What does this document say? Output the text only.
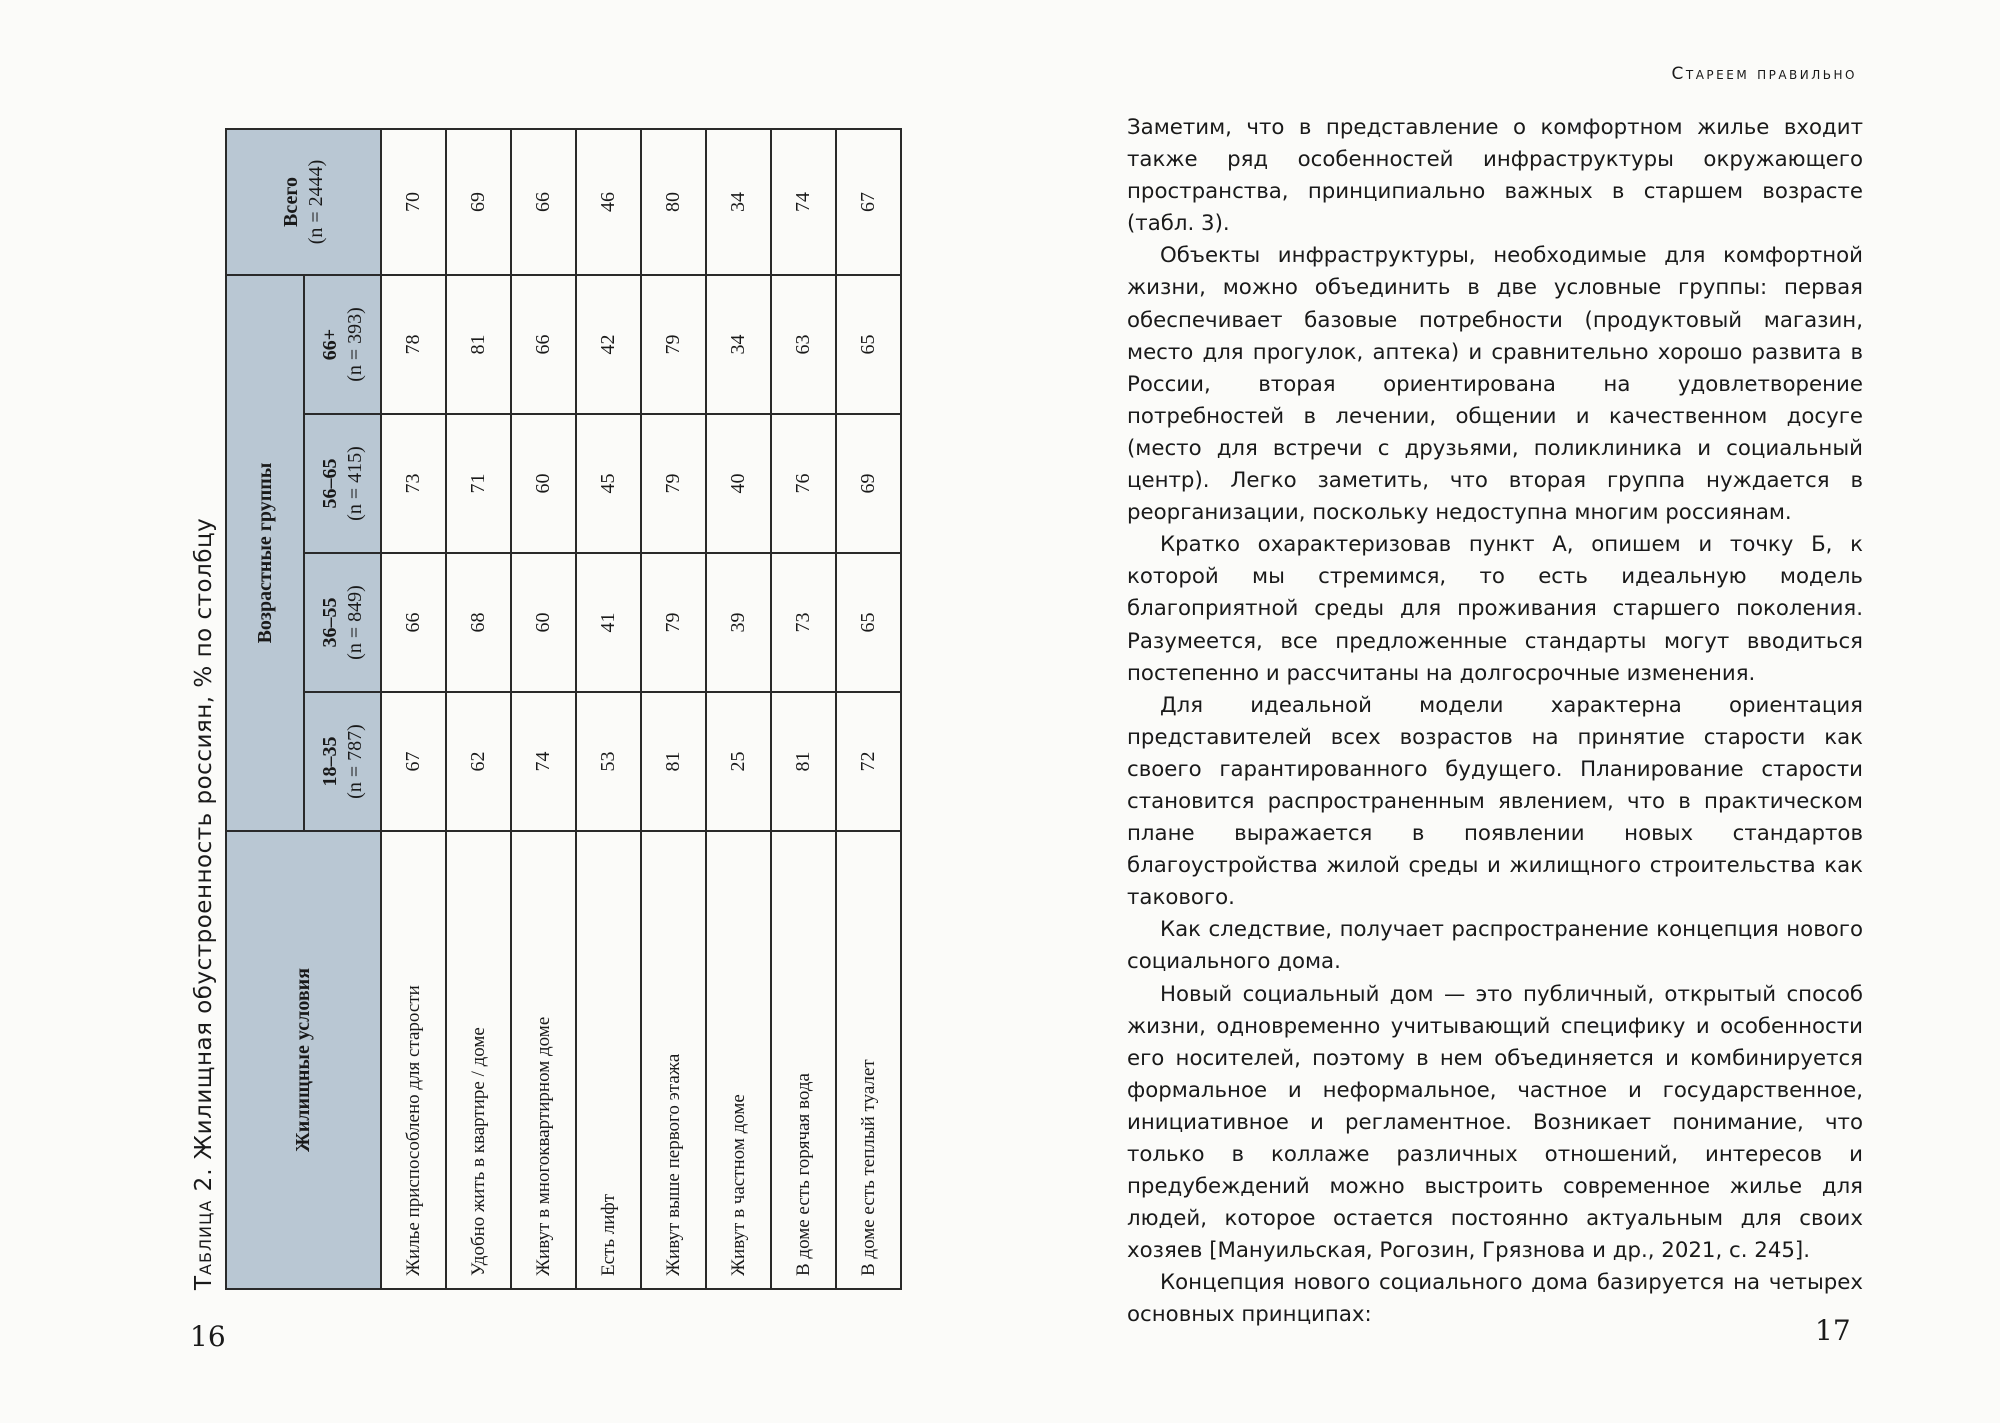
Таблица 2. Жилищная обустроенность россиян, % по столбцу	Жилищные условия	Возрастные группы				Всего (n = 2444)

	18–35 (n = 787)	36–55 (n = 849)	56–65 (n = 415)	66+ (n = 393)	

Жилье приспособлено для старости	67	66	73	78	70
Удобно жить в квартире / доме	62	68	71	81	69
Живут в многоквартирном доме	74	60	60	66	66
Есть лифт	53	41	45	42	46
Живут выше первого этажа	81	79	79	79	80
Живут в частном доме	25	39	40	34	34
В доме есть горячая вода	81	73	76	63	74
В доме есть теплый туалет	72	65	69	65	67
16
Стареем правильно

Заметим, что в представление о комфортном жилье входит также ряд особенностей инфраструктуры окружающего пространства, принципиально важных в старшем возрасте (табл. 3).

Объекты инфраструктуры, необходимые для комфортной жизни, можно объединить в две условные группы: первая обеспечивает базовые потребности (продуктовый магазин, место для прогулок, аптека) и сравнительно хорошо развита в России, вторая ориентирована на удовлетворение потребностей в лечении, общении и качественном досуге (место для встречи с друзьями, поликлиника и социальный центр). Легко заметить, что вторая группа нуждается в реорганизации, поскольку недоступна многим россиянам.

Кратко охарактеризовав пункт А, опишем и точку Б, к которой мы стремимся, то есть идеальную модель благоприятной среды для проживания старшего поколения. Разумеется, все предложенные стандарты могут вводиться постепенно и рассчитаны на долгосрочные изменения.

Для идеальной модели характерна ориентация представителей всех возрастов на принятие старости как своего гарантированного будущего. Планирование старости становится распространенным явлением, что в практическом плане выражается в появлении новых стандартов благоустройства жилой среды и жилищного строительства как такового.

Как следствие, получает распространение концепция нового социального дома.

Новый социальный дом — это публичный, открытый способ жизни, одновременно учитывающий специфику и особенности его носителей, поэтому в нем объединяется и комбинируется формальное и неформальное, частное и государственное, инициативное и регламентное. Возникает понимание, что только в коллаже различных отношений, интересов и предубеждений можно выстроить современное жилье для людей, которое остается постоянно актуальным для своих хозяев [Мануильская, Рогозин, Грязнова и др., 2021, с. 245].

Концепция нового социального дома базируется на четырех основных принципах:	17
